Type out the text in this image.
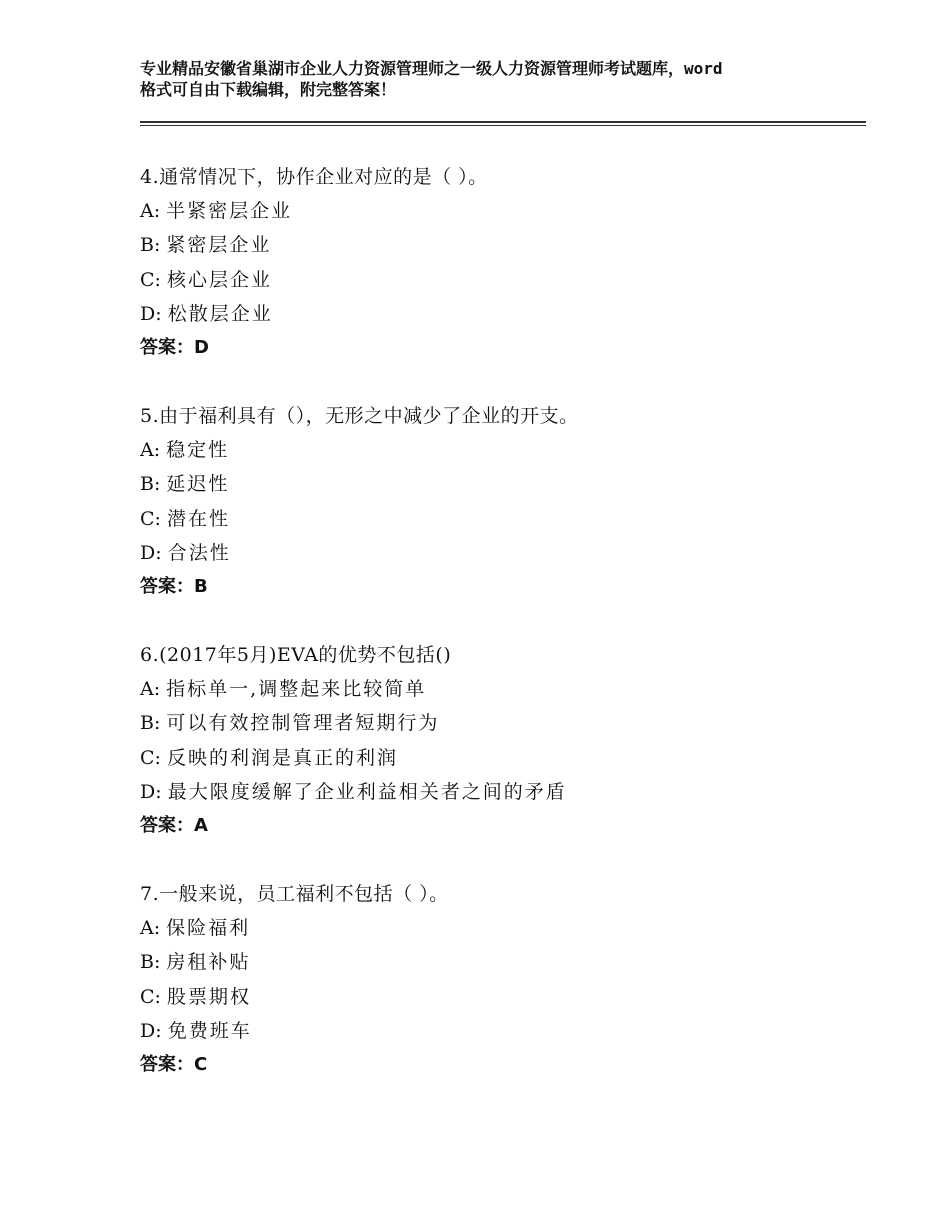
专业精品安徽省巢湖市企业人力资源管理师之一级人力资源管理师考试题库，word
格式可自由下载编辑，附完整答案！
4.通常情况下，协作企业对应的是（ ）。
A: 半紧密层企业
B: 紧密层企业
C: 核心层企业
D: 松散层企业
答案：D
5.由于福利具有（），无形之中减少了企业的开支。
A: 稳定性
B: 延迟性
C: 潜在性
D: 合法性
答案：B
6.(2017年5月)EVA的优势不包括()
A: 指标单一,调整起来比较简单
B: 可以有效控制管理者短期行为
C: 反映的利润是真正的利润
D: 最大限度缓解了企业利益相关者之间的矛盾
答案：A
7.一般来说，员工福利不包括（ ）。
A: 保险福利
B: 房租补贴
C: 股票期权
D: 免费班车
答案：C
